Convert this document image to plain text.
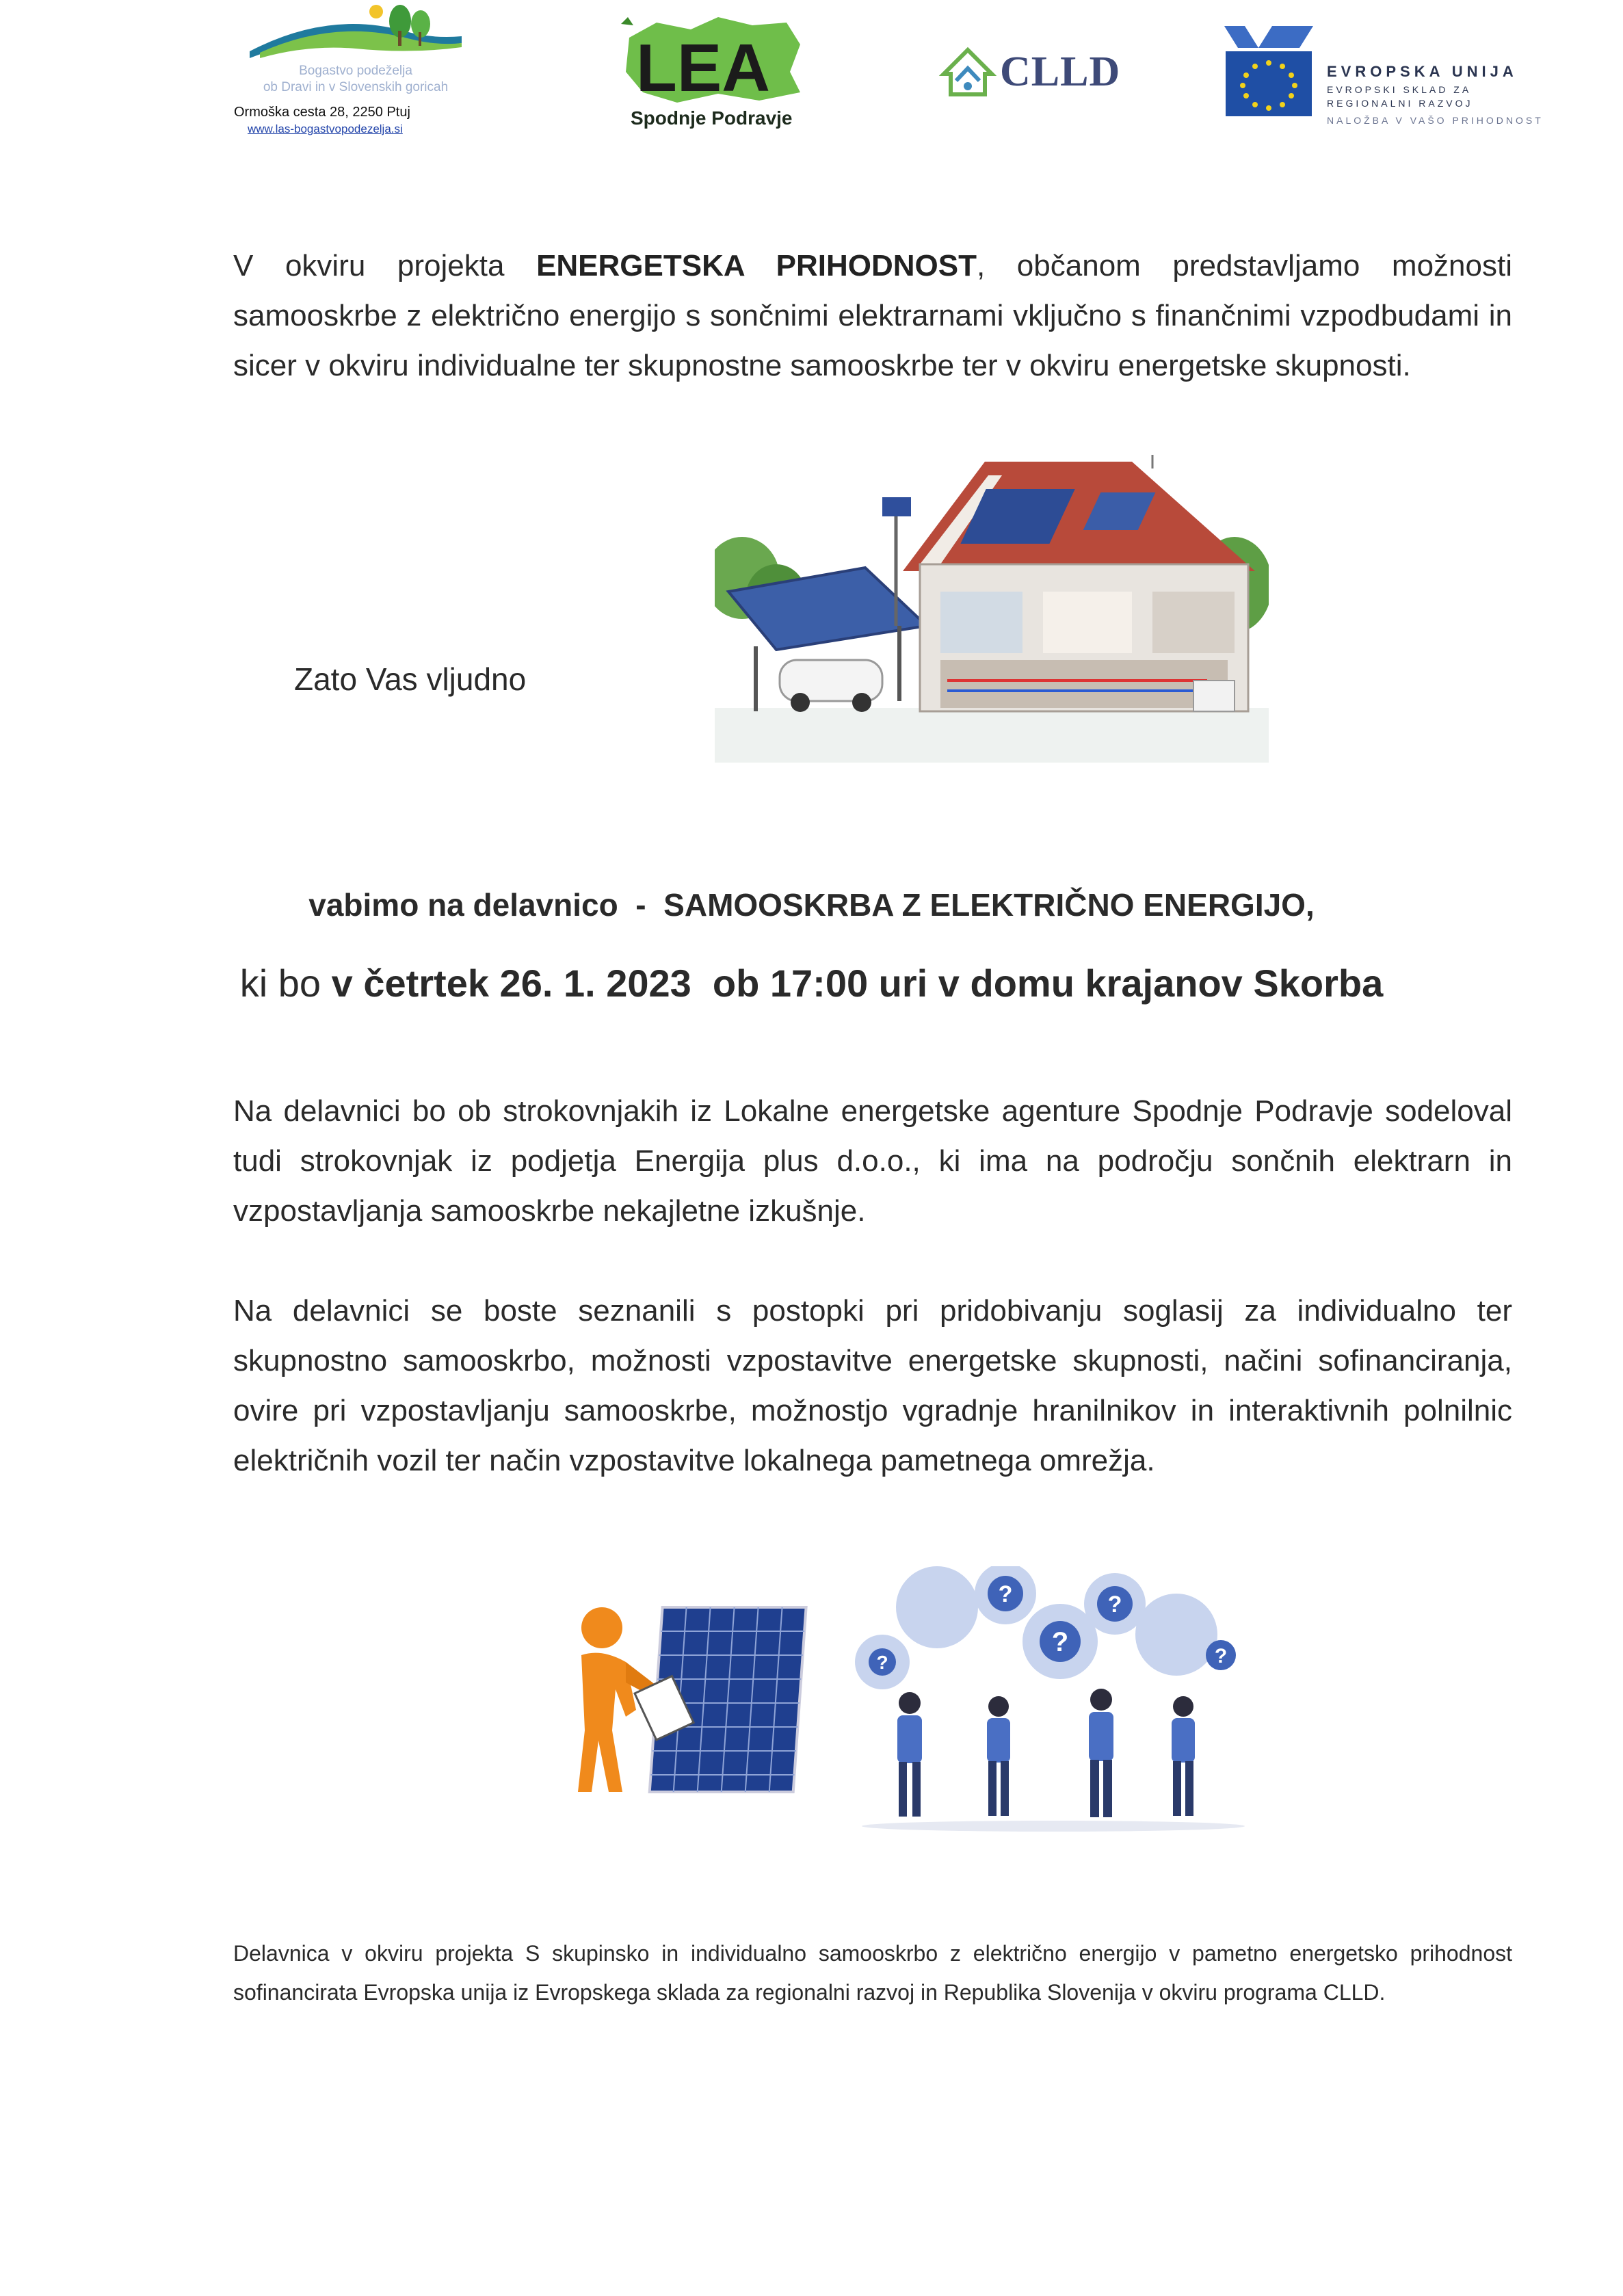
Bogastvo podeželja
ob Dravi in v Slovenskih goricah
Ormoška cesta 28, 2250 Ptuj
www.las-bogastvopodezelja.si
LEA
Spodnje Podravje
CLLD	EVROPSKA UNIJA
EVROPSKI SKLAD ZA
REGIONALNI RAZVOJ
NALOŽBA V VAŠO PRIHODNOST
V okviru projekta ENERGETSKA PRIHODNOST, občanom predstavljamo možnosti samooskrbe z električno energijo s sončnimi elektrarnami vključno s finančnimi vzpodbudami in sicer v okviru individualne ter skupnostne samooskrbe ter v okviru energetske skupnosti.
Zato Vas vljudno
vabimo na delavnico  -  SAMOOSKRBA Z ELEKTRIČNO ENERGIJO,
ki bo v četrtek 26. 1. 2023  ob 17:00 uri v domu krajanov Skorba
Na delavnici bo ob strokovnjakih iz Lokalne energetske agenture Spodnje Podravje sodeloval tudi strokovnjak iz podjetja Energija plus d.o.o., ki ima na področju sončnih elektrarn in vzpostavljanja samooskrbe nekajletne izkušnje.
Na delavnici se boste seznanili s postopki pri pridobivanju soglasij za individualno ter skupnostno samooskrbo, možnosti vzpostavitve energetske skupnosti, načini sofinanciranja, ovire pri vzpostavljanju samooskrbe, možnostjo vgradnje hranilnikov in interaktivnih polnilnic električnih vozil ter način vzpostavitve lokalnega pametnega omrežja.
?
?
?
?
?
Delavnica v okviru projekta S skupinsko in individualno samooskrbo z električno energijo v pametno energetsko prihodnost sofinancirata Evropska unija iz Evropskega sklada za regionalni razvoj in Republika Slovenija v okviru programa CLLD.
